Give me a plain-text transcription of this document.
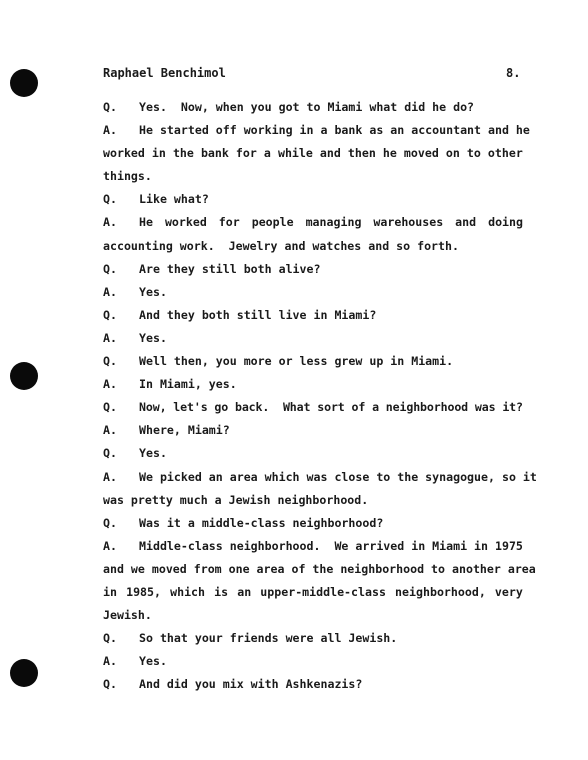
Raphael Benchimol	8.
Q.	Yes.  Now, when you got to Miami what did he do?
A.	He started off working in a bank as an accountant and he
worked in the bank for a while and then he moved on to other
things.
Q.	Like what?
A.	He worked for people managing warehouses and doing
accounting work.  Jewelry and watches and so forth.
Q.	Are they still both alive?
A.	Yes.
Q.	And they both still live in Miami?
A.	Yes.
Q.	Well then, you more or less grew up in Miami.
A.	In Miami, yes.
Q.	Now, let's go back.  What sort of a neighborhood was it?
A.	Where, Miami?
Q.	Yes.
A.	We picked an area which was close to the synagogue, so it
was pretty much a Jewish neighborhood.
Q.	Was it a middle-class neighborhood?
A.	Middle-class neighborhood.  We arrived in Miami in 1975
and we moved from one area of the neighborhood to another area
in 1985, which is an upper-middle-class neighborhood, very
Jewish.
Q.	So that your friends were all Jewish.
A.	Yes.
Q.	And did you mix with Ashkenazis?
